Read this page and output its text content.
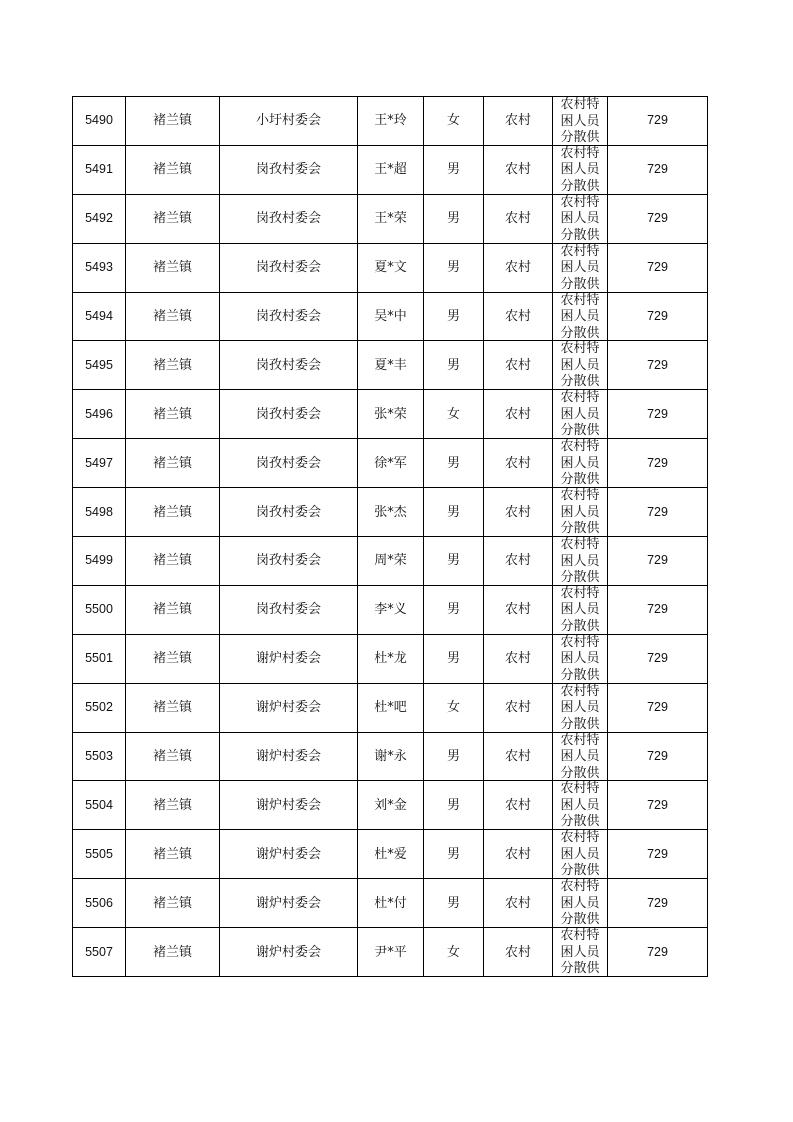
5490	褚兰镇	小圩村委会	王*玲	女	农村	农村特困人员分散供	729
5491	褚兰镇	岗孜村委会	王*超	男	农村	农村特困人员分散供	729
5492	褚兰镇	岗孜村委会	王*荣	男	农村	农村特困人员分散供	729
5493	褚兰镇	岗孜村委会	夏*文	男	农村	农村特困人员分散供	729
5494	褚兰镇	岗孜村委会	吴*中	男	农村	农村特困人员分散供	729
5495	褚兰镇	岗孜村委会	夏*丰	男	农村	农村特困人员分散供	729
5496	褚兰镇	岗孜村委会	张*荣	女	农村	农村特困人员分散供	729
5497	褚兰镇	岗孜村委会	徐*军	男	农村	农村特困人员分散供	729
5498	褚兰镇	岗孜村委会	张*杰	男	农村	农村特困人员分散供	729
5499	褚兰镇	岗孜村委会	周*荣	男	农村	农村特困人员分散供	729
5500	褚兰镇	岗孜村委会	李*义	男	农村	农村特困人员分散供	729
5501	褚兰镇	谢炉村委会	杜*龙	男	农村	农村特困人员分散供	729
5502	褚兰镇	谢炉村委会	杜*吧	女	农村	农村特困人员分散供	729
5503	褚兰镇	谢炉村委会	谢*永	男	农村	农村特困人员分散供	729
5504	褚兰镇	谢炉村委会	刘*金	男	农村	农村特困人员分散供	729
5505	褚兰镇	谢炉村委会	杜*爱	男	农村	农村特困人员分散供	729
5506	褚兰镇	谢炉村委会	杜*付	男	农村	农村特困人员分散供	729
5507	褚兰镇	谢炉村委会	尹*平	女	农村	农村特困人员分散供	729
